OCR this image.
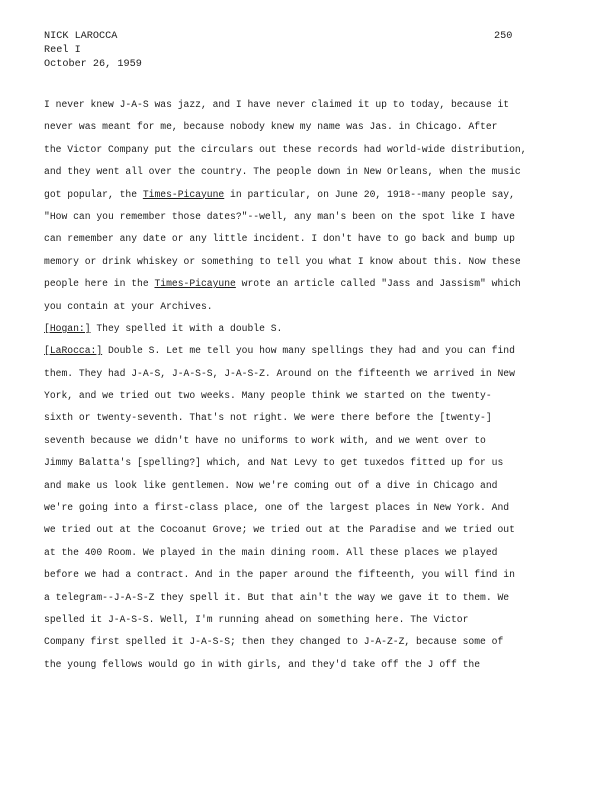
NICK LAROCCA
Reel I
October 26, 1959
250
I never knew J-A-S was jazz, and I have never claimed it up to today, because it
never was meant for me, because nobody knew my name was Jas. in Chicago. After
the Victor Company put the circulars out these records had world-wide distribution,
and they went all over the country. The people down in New Orleans, when the music
got popular, the Times-Picayune in particular, on June 20, 1918--many people say,
"How can you remember those dates?"--well, any man's been on the spot like I have
can remember any date or any little incident. I don't have to go back and bump up
memory or drink whiskey or something to tell you what I know about this. Now these
people here in the Times-Picayune wrote an article called "Jass and Jassism" which
you contain at your Archives.
[Hogan:] They spelled it with a double S.
[LaRocca:] Double S. Let me tell you how many spellings they had and you can find
them. They had J-A-S, J-A-S-S, J-A-S-Z. Around on the fifteenth we arrived in New
York, and we tried out two weeks. Many people think we started on the twenty-
sixth or twenty-seventh. That's not right. We were there before the [twenty-]
seventh because we didn't have no uniforms to work with, and we went over to
Jimmy Balatta's [spelling?] which, and Nat Levy to get tuxedos fitted up for us
and make us look like gentlemen. Now we're coming out of a dive in Chicago and
we're going into a first-class place, one of the largest places in New York. And
we tried out at the Cocoanut Grove; we tried out at the Paradise and we tried out
at the 400 Room. We played in the main dining room. All these places we played
before we had a contract. And in the paper around the fifteenth, you will find in
a telegram--J-A-S-Z they spell it. But that ain't the way we gave it to them. We
spelled it J-A-S-S. Well, I'm running ahead on something here. The Victor
Company first spelled it J-A-S-S; then they changed to J-A-Z-Z, because some of
the young fellows would go in with girls, and they'd take off the J off the
